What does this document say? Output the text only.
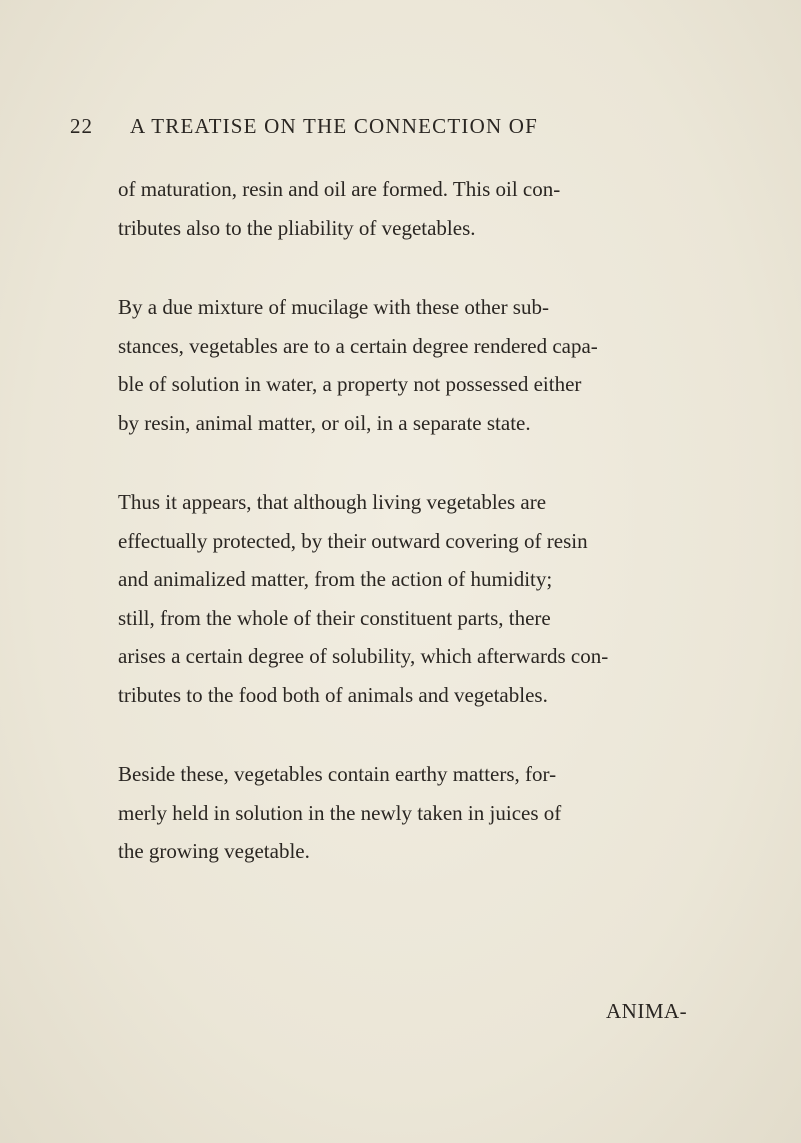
22 A TREATISE ON THE CONNECTION OF

of maturation, resin and oil are formed. This oil con-
tributes also to the pliability of vegetables.

By a due mixture of mucilage with these other sub-
stances, vegetables are to a certain degree rendered capa-
ble of solution in water, a property not possessed either
by resin, animal matter, or oil, in a separate state.

Thus it appears, that although living vegetables are
effectually protected, by their outward covering of resin
and animalized matter, from the action of humidity;
still, from the whole of their constituent parts, there
arises a certain degree of solubility, which afterwards con-
tributes to the food both of animals and vegetables.

Beside these, vegetables contain earthy matters, for-
merly held in solution in the newly taken in juices of
the growing vegetable.

ANIMA-
